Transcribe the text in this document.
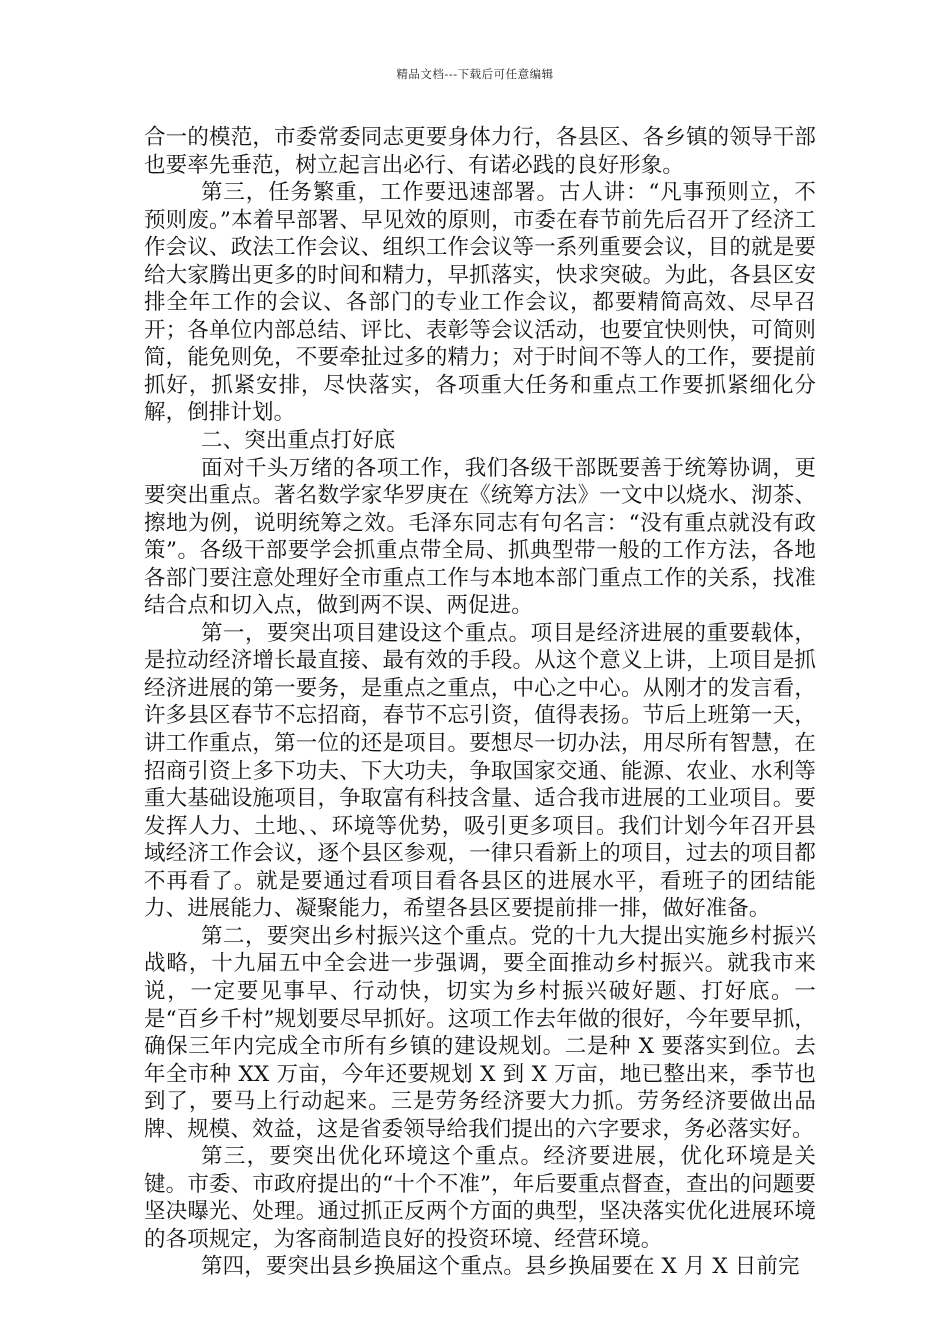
精品文档---下载后可任意编辑

合一的模范，市委常委同志更要身体力行，各县区、各乡镇的领导干部也要率先垂范，树立起言出必行、有诺必践的良好形象。

第三，任务繁重，工作要迅速部署。古人讲：“凡事预则立，不预则废。”本着早部署、早见效的原则，市委在春节前先后召开了经济工作会议、政法工作会议、组织工作会议等一系列重要会议，目的就是要给大家腾出更多的时间和精力，早抓落实，快求突破。为此，各县区安排全年工作的会议、各部门的专业工作会议，都要精简高效、尽早召开；各单位内部总结、评比、表彰等会议活动，也要宜快则快，可简则简，能免则免，不要牵扯过多的精力；对于时间不等人的工作，要提前抓好，抓紧安排，尽快落实，各项重大任务和重点工作要抓紧细化分解，倒排计划。

二、突出重点打好底

面对千头万绪的各项工作，我们各级干部既要善于统筹协调，更要突出重点。著名数学家华罗庚在《统筹方法》一文中以烧水、沏茶、擦地为例，说明统筹之效。毛泽东同志有句名言：“没有重点就没有政策”。各级干部要学会抓重点带全局、抓典型带一般的工作方法，各地各部门要注意处理好全市重点工作与本地本部门重点工作的关系，找准结合点和切入点，做到两不误、两促进。

第一，要突出项目建设这个重点。项目是经济进展的重要载体，是拉动经济增长最直接、最有效的手段。从这个意义上讲，上项目是抓经济进展的第一要务，是重点之重点，中心之中心。从刚才的发言看，许多县区春节不忘招商，春节不忘引资，值得表扬。节后上班第一天，讲工作重点，第一位的还是项目。要想尽一切办法，用尽所有智慧，在招商引资上多下功夫、下大功夫，争取国家交通、能源、农业、水利等重大基础设施项目，争取富有科技含量、适合我市进展的工业项目。要发挥人力、土地、、环境等优势，吸引更多项目。我们计划今年召开县域经济工作会议，逐个县区参观，一律只看新上的项目，过去的项目都不再看了。就是要通过看项目看各县区的进展水平，看班子的团结能力、进展能力、凝聚能力，希望各县区要提前排一排，做好准备。

第二，要突出乡村振兴这个重点。党的十九大提出实施乡村振兴战略，十九届五中全会进一步强调，要全面推动乡村振兴。就我市来说，一定要见事早、行动快，切实为乡村振兴破好题、打好底。一是“百乡千村”规划要尽早抓好。这项工作去年做的很好，今年要早抓，确保三年内完成全市所有乡镇的建设规划。二是种 X 要落实到位。去年全市种 XX 万亩，今年还要规划 X 到 X 万亩，地已整出来，季节也到了，要马上行动起来。三是劳务经济要大力抓。劳务经济要做出品牌、规模、效益，这是省委领导给我们提出的六字要求，务必落实好。

第三，要突出优化环境这个重点。经济要进展，优化环境是关键。市委、市政府提出的“十个不准”，年后要重点督查，查出的问题要坚决曝光、处理。通过抓正反两个方面的典型，坚决落实优化进展环境的各项规定，为客商制造良好的投资环境、经营环境。

第四，要突出县乡换届这个重点。县乡换届要在 X 月 X 日前完
